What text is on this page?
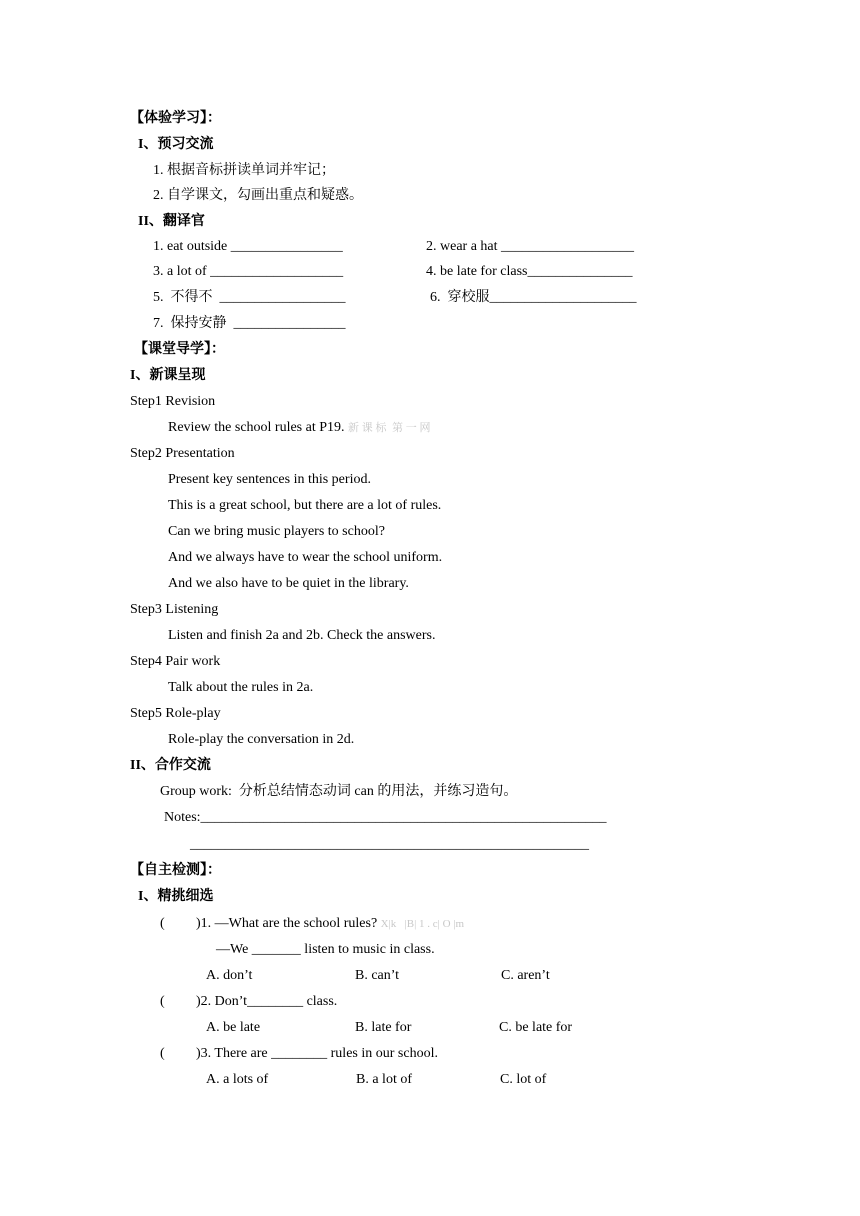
【体验学习】：
I、预习交流
1. 根据音标拼读单词并牢记；
2. 自学课文，勾画出重点和疑惑。
II、翻译官
1. eat outside ________________	2. wear a hat ___________________
3. a lot of ___________________	4. be late for class_______________
5.  不得不  __________________	6.  穿校服_____________________
7.  保持安静  ________________
【课堂导学】：
I、新课呈现
Step1 Revision
Review the school rules at P19. 新 课 标  第 一 网
Step2 Presentation
Present key sentences in this period.
This is a great school, but there are a lot of rules.
Can we bring music players to school?
And we always have to wear the school uniform.
And we also have to be quiet in the library.
Step3 Listening
Listen and finish 2a and 2b. Check the answers.
Step4 Pair work
Talk about the rules in 2a.
Step5 Role-play
Role-play the conversation in 2d.
II、合作交流
Group work:  分析总结情态动词 can 的用法，并练习造句。
Notes:__________________________________________________________
_________________________________________________________
【自主检测】：
I、精挑细选
( )1. —What are the school rules? X|k   |B| 1 . c| O |m
—We _______ listen to music in class.
A. don’t	B. can’t	C. aren’t
( )2. Don’t________ class.
A. be late	B. late for	C. be late for
( )3. There are ________ rules in our school.
A. a lots of	B. a lot of	C. lot of
